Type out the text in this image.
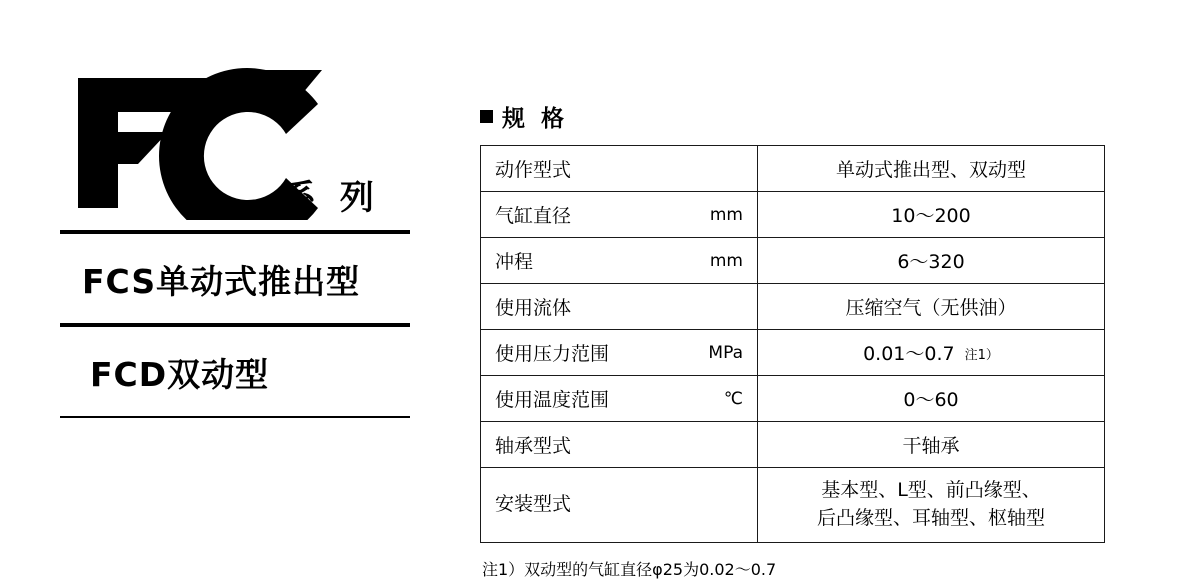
系 列
FCS单动式推出型
FCD双动型
规 格
动作型式	单动式推出型、双动型
气缸直径 mm	10〜200
冲程 mm	6〜320
使用流体	压缩空气（无供油）
使用压力范围 MPa	0.01〜0.7 注1）
使用温度范围 ℃	0〜60
轴承型式	干轴承
安装型式	基本型、L型、前凸缘型、
后凸缘型、耳轴型、枢轴型
注1）双动型的气缸直径φ25为0.02〜0.7
